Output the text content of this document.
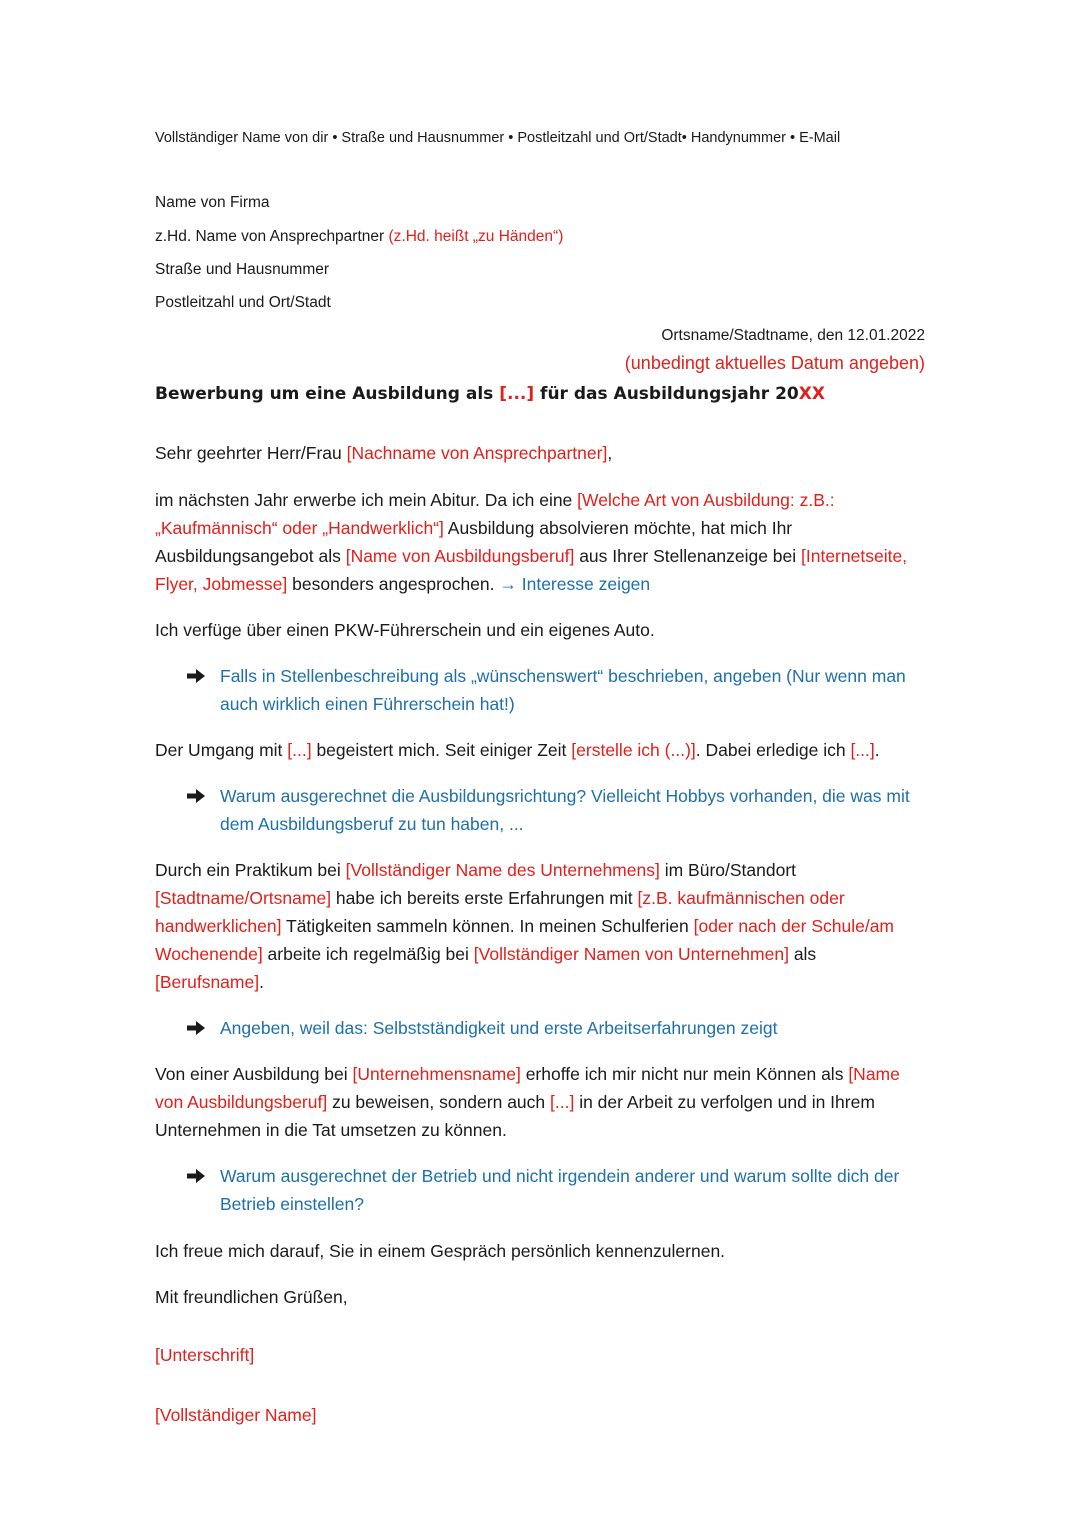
Vollständiger Name von dir • Straße und Hausnummer • Postleitzahl und Ort/Stadt• Handynummer • E-Mail

Name von Firma

z.Hd. Name von Ansprechpartner (z.Hd. heißt „zu Händen“)

Straße und Hausnummer

Postleitzahl und Ort/Stadt

Ortsname/Stadtname, den 12.01.2022

(unbedingt aktuelles Datum angeben)

Bewerbung um eine Ausbildung als [...] für das Ausbildungsjahr 20XX

Sehr geehrter Herr/Frau [Nachname von Ansprechpartner],

im nächsten Jahr erwerbe ich mein Abitur. Da ich eine [Welche Art von Ausbildung: z.B.: „Kaufmännisch“ oder „Handwerklich“] Ausbildung absolvieren möchte, hat mich Ihr Ausbildungsangebot als [Name von Ausbildungsberuf] aus Ihrer Stellenanzeige bei [Internetseite, Flyer, Jobmesse] besonders angesprochen. → Interesse zeigen

Ich verfüge über einen PKW-Führerschein und ein eigenes Auto.

Falls in Stellenbeschreibung als „wünschenswert“ beschrieben, angeben (Nur wenn man auch wirklich einen Führerschein hat!)

Der Umgang mit [...] begeistert mich. Seit einiger Zeit [erstelle ich (...)]. Dabei erledige ich [...].

Warum ausgerechnet die Ausbildungsrichtung? Vielleicht Hobbys vorhanden, die was mit dem Ausbildungsberuf zu tun haben, ...

Durch ein Praktikum bei [Vollständiger Name des Unternehmens] im Büro/Standort [Stadtname/Ortsname] habe ich bereits erste Erfahrungen mit [z.B. kaufmännischen oder handwerklichen] Tätigkeiten sammeln können. In meinen Schulferien [oder nach der Schule/am Wochenende] arbeite ich regelmäßig bei [Vollständiger Namen von Unternehmen] als [Berufsname].

Angeben, weil das: Selbstständigkeit und erste Arbeitserfahrungen zeigt

Von einer Ausbildung bei [Unternehmensname] erhoffe ich mir nicht nur mein Können als [Name von Ausbildungsberuf] zu beweisen, sondern auch [...] in der Arbeit zu verfolgen und in Ihrem Unternehmen in die Tat umsetzen zu können.

Warum ausgerechnet der Betrieb und nicht irgendein anderer und warum sollte dich der Betrieb einstellen?

Ich freue mich darauf, Sie in einem Gespräch persönlich kennenzulernen.

Mit freundlichen Grüßen,

[Unterschrift]

[Vollständiger Name]
